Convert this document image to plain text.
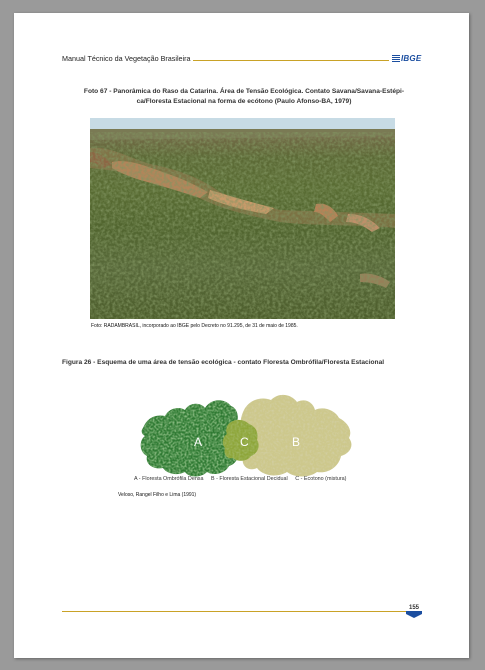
Manual Técnico da Vegetação Brasileira	IBGE
Foto 67 - Panorâmica do Raso da Catarina. Área de Tensão Ecológica. Contato Savana/Savana-Estépi-
ca/Floresta Estacional na forma de ecótono (Paulo Afonso-BA, 1979)
Foto: RADAMBRASIL, incorporado ao IBGE pelo Decreto no 91.295, de 31 de maio de 1985.
Figura 26 - Esquema de uma área de tensão ecológica - contato Floresta Ombrófila/Floresta Estacional
A	C	B
A - Floresta Ombrófila Densa B - Floresta Estacional Decidual C - Ecotono (mistura)
Veloso, Rangel Filho e Lima (1991)
155
